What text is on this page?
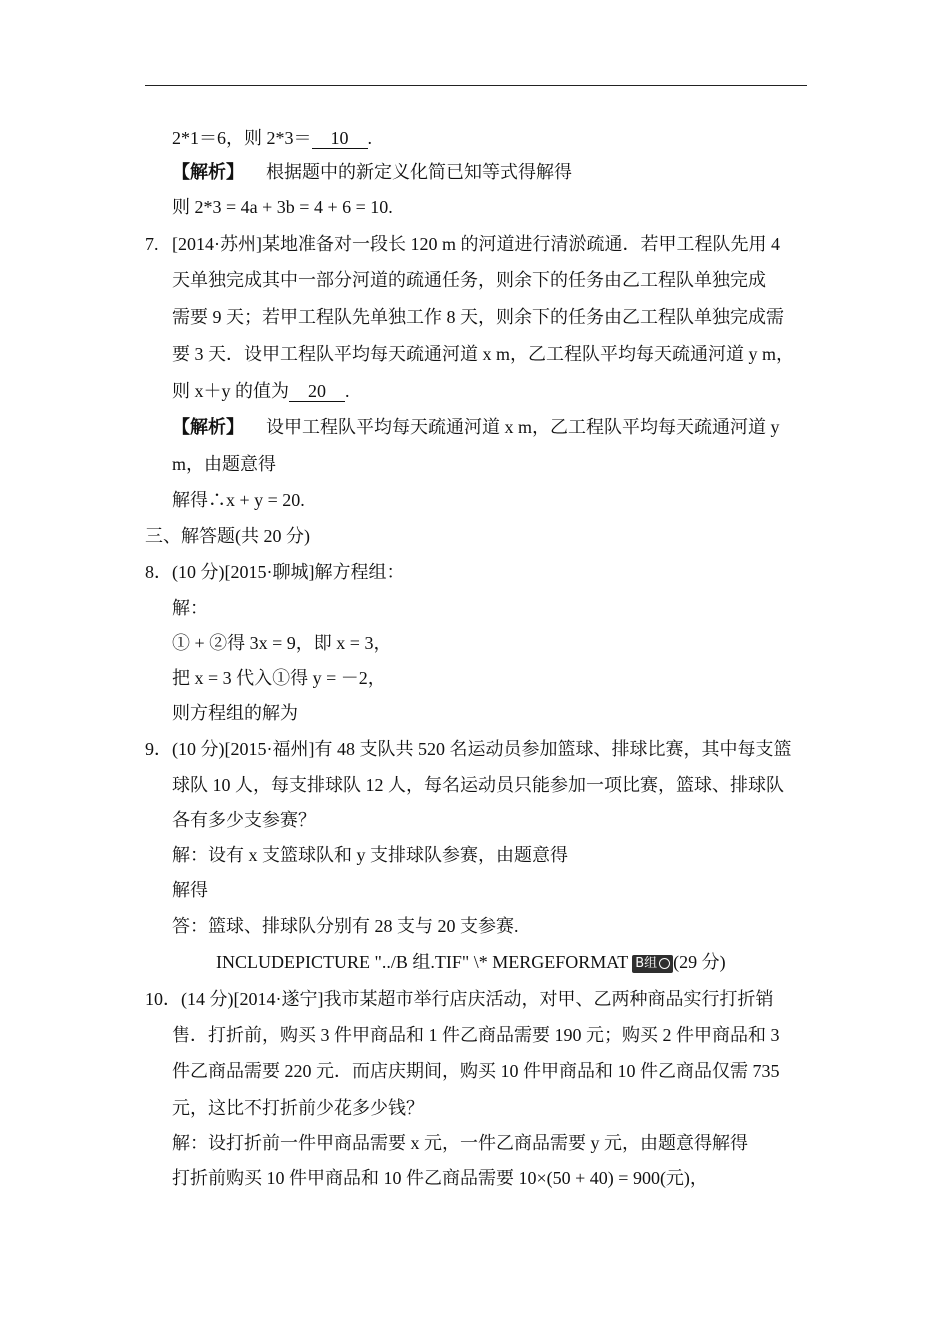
2*1＝6，则 2*3＝ 10 .
【解析】 根据题中的新定义化简已知等式得解得
则 2*3 = 4a + 3b = 4 + 6 = 10.
7. [2014·苏州]某地准备对一段长 120 m 的河道进行清淤疏通．若甲工程队先用 4
天单独完成其中一部分河道的疏通任务，则余下的任务由乙工程队单独完成
需要 9 天；若甲工程队先单独工作 8 天，则余下的任务由乙工程队单独完成需
要 3 天．设甲工程队平均每天疏通河道 x m，乙工程队平均每天疏通河道 y m，
则 x＋y 的值为 20 .
【解析】 设甲工程队平均每天疏通河道 x m，乙工程队平均每天疏通河道 y
m，由题意得
解得∴x + y = 20.
三、解答题(共 20 分)
8．(10 分)[2015·聊城]解方程组：
解：
① + ②得 3x = 9，即 x = 3，
把 x = 3 代入①得 y = －2，
则方程组的解为
9．(10 分)[2015·福州]有 48 支队共 520 名运动员参加篮球、排球比赛，其中每支篮
球队 10 人，每支排球队 12 人，每名运动员只能参加一项比赛，篮球、排球队
各有多少支参赛？
解：设有 x 支篮球队和 y 支排球队参赛，由题意得
解得
答：篮球、排球队分别有 28 支与 20 支参赛.
INCLUDEPICTURE "../B 组.TIF" \* MERGEFORMAT B组 (29 分)
10．(14 分)[2014·遂宁]我市某超市举行店庆活动，对甲、乙两种商品实行打折销
售．打折前，购买 3 件甲商品和 1 件乙商品需要 190 元；购买 2 件甲商品和 3
件乙商品需要 220 元．而店庆期间，购买 10 件甲商品和 10 件乙商品仅需 735
元，这比不打折前少花多少钱？
解：设打折前一件甲商品需要 x 元，一件乙商品需要 y 元，由题意得解得
打折前购买 10 件甲商品和 10 件乙商品需要 10×(50 + 40) = 900(元)，
